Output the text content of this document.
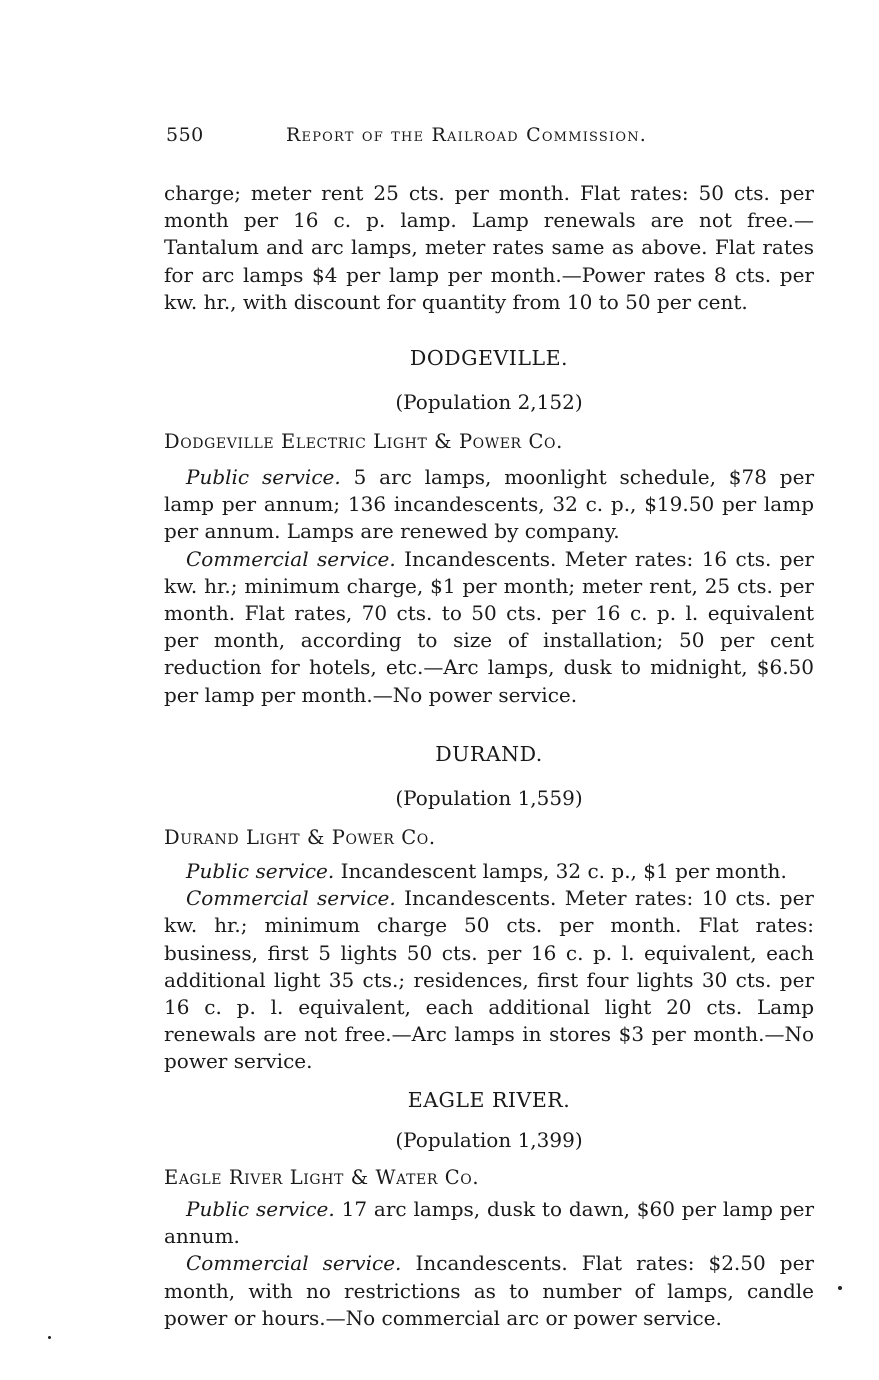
550	Report of the Railroad Commission.

charge; meter rent 25 cts. per month. Flat rates: 50 cts. per month per 16 c. p. lamp. Lamp renewals are not free.—Tantalum and arc lamps, meter rates same as above. Flat rates for arc lamps $4 per lamp per month.—Power rates 8 cts. per kw. hr., with discount for quantity from 10 to 50 per cent.

DODGEVILLE.
(Population 2,152)
Dodgeville Electric Light & Power Co.

Public service. 5 arc lamps, moonlight schedule, $78 per lamp per annum; 136 incandescents, 32 c. p., $19.50 per lamp per annum. Lamps are renewed by company.

Commercial service. Incandescents. Meter rates: 16 cts. per kw. hr.; minimum charge, $1 per month; meter rent, 25 cts. per month. Flat rates, 70 cts. to 50 cts. per 16 c. p. l. equivalent per month, according to size of installation; 50 per cent reduction for hotels, etc.—Arc lamps, dusk to midnight, $6.50 per lamp per month.—No power service.

DURAND.
(Population 1,559)
Durand Light & Power Co.

Public service. Incandescent lamps, 32 c. p., $1 per month.

Commercial service. Incandescents. Meter rates: 10 cts. per kw. hr.; minimum charge 50 cts. per month. Flat rates: business, first 5 lights 50 cts. per 16 c. p. l. equivalent, each additional light 35 cts.; residences, first four lights 30 cts. per 16 c. p. l. equivalent, each additional light 20 cts. Lamp renewals are not free.—Arc lamps in stores $3 per month.—No power service.

EAGLE RIVER.
(Population 1,399)
Eagle River Light & Water Co.

Public service. 17 arc lamps, dusk to dawn, $60 per lamp per annum.

Commercial service. Incandescents. Flat rates: $2.50 per month, with no restrictions as to number of lamps, candle power or hours.—No commercial arc or power service.
